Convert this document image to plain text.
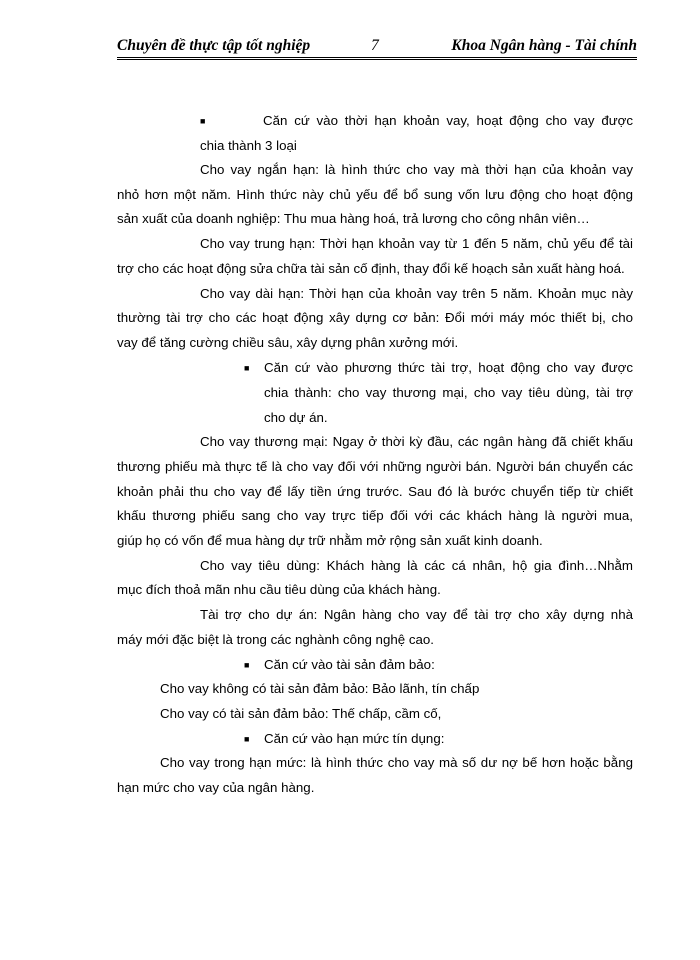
Chuyên đề thực tập tốt nghiệp	7	Khoa Ngân hàng - Tài chính
■	Căn cứ vào thời hạn khoản vay, hoạt động cho vay được
chia thành 3 loại
Cho vay ngắn hạn: là hình thức cho vay mà thời hạn của khoản vay
nhỏ hơn một năm. Hình thức này chủ yếu để bổ sung vốn lưu động cho hoạt động
sản xuất của doanh nghiệp: Thu mua hàng hoá, trả lương cho công nhân viên…
Cho vay trung hạn: Thời hạn khoản vay từ 1 đến 5 năm, chủ yếu để tài
trợ cho các hoạt động sửa chữa tài sản cố định, thay đổi kế hoạch sản xuất hàng hoá.
Cho vay dài hạn: Thời hạn của khoản vay trên 5 năm. Khoản mục này
thường tài trợ cho các hoạt động xây dựng cơ bản: Đổi mới máy móc thiết bị, cho
vay để tăng cường chiều sâu, xây dựng phân xưởng mới.
■ Căn cứ vào phương thức tài trợ, hoạt động cho vay được
chia thành: cho vay thương mại, cho vay tiêu dùng, tài trợ
cho dự án.
Cho vay thương mại: Ngay ở thời kỳ đầu, các ngân hàng đã chiết khấu
thương phiếu mà thực tế là cho vay đối với những người bán. Người bán chuyển các
khoản phải thu cho vay để lấy tiền ứng trước. Sau đó là bước chuyển tiếp từ chiết
khấu thương phiếu sang cho vay trực tiếp đối với các khách hàng là người mua,
giúp họ có vốn để mua hàng dự trữ nhằm mở rộng sản xuất kinh doanh.
Cho vay tiêu dùng: Khách hàng là các cá nhân, hộ gia đình…Nhằm
mục đích thoả mãn nhu cầu tiêu dùng của khách hàng.
Tài trợ cho dự án: Ngân hàng cho vay để tài trợ cho xây dựng nhà
máy mới đặc biệt là trong các nghành công nghệ cao.
■ Căn cứ vào tài sản đảm bảo:
Cho vay không có tài sản đảm bảo: Bảo lãnh, tín chấp
Cho vay có tài sản đảm bảo: Thế chấp, cầm cố,
■ Căn cứ vào hạn mức tín dụng:
Cho vay trong hạn mức: là hình thức cho vay mà số dư nợ bế hơn hoặc bằng
hạn mức cho vay của ngân hàng.
